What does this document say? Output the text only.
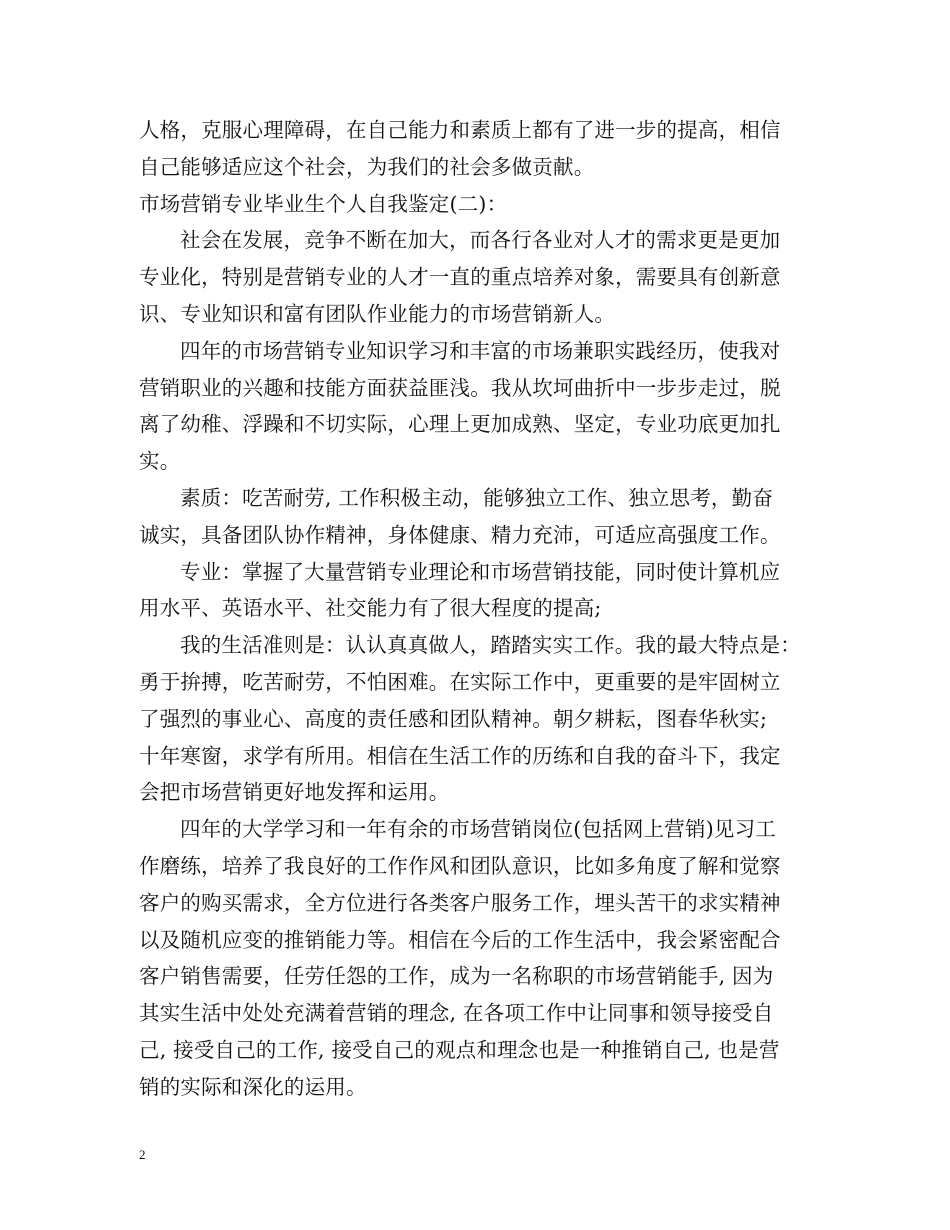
人格，克服心理障碍，在自己能力和素质上都有了进一步的提高，相信
自己能够适应这个社会，为我们的社会多做贡献。

市场营销专业毕业生个人自我鉴定(二)：

社会在发展，竞争不断在加大，而各行各业对人才的需求更是更加
专业化，特别是营销专业的人才一直的重点培养对象，需要具有创新意
识、专业知识和富有团队作业能力的市场营销新人。

四年的市场营销专业知识学习和丰富的市场兼职实践经历，使我对
营销职业的兴趣和技能方面获益匪浅。我从坎坷曲折中一步步走过，脱
离了幼稚、浮躁和不切实际，心理上更加成熟、坚定，专业功底更加扎
实。

素质：吃苦耐劳, 工作积极主动，能够独立工作、独立思考，勤奋
诚实，具备团队协作精神，身体健康、精力充沛，可适应高强度工作。

专业：掌握了大量营销专业理论和市场营销技能，同时使计算机应
用水平、英语水平、社交能力有了很大程度的提高;

我的生活准则是：认认真真做人，踏踏实实工作。我的最大特点是：
勇于拚搏，吃苦耐劳，不怕困难。在实际工作中，更重要的是牢固树立
了强烈的事业心、高度的责任感和团队精神。朝夕耕耘，图春华秋实;
十年寒窗，求学有所用。相信在生活工作的历练和自我的奋斗下，我定
会把市场营销更好地发挥和运用。

四年的大学学习和一年有余的市场营销岗位(包括网上营销)见习工
作磨练，培养了我良好的工作作风和团队意识，比如多角度了解和觉察
客户的购买需求，全方位进行各类客户服务工作，埋头苦干的求实精神
以及随机应变的推销能力等。相信在今后的工作生活中，我会紧密配合
客户销售需要，任劳任怨的工作，成为一名称职的市场营销能手, 因为
其实生活中处处充满着营销的理念, 在各项工作中让同事和领导接受自
己, 接受自己的工作, 接受自己的观点和理念也是一种推销自己, 也是营
销的实际和深化的运用。

2
